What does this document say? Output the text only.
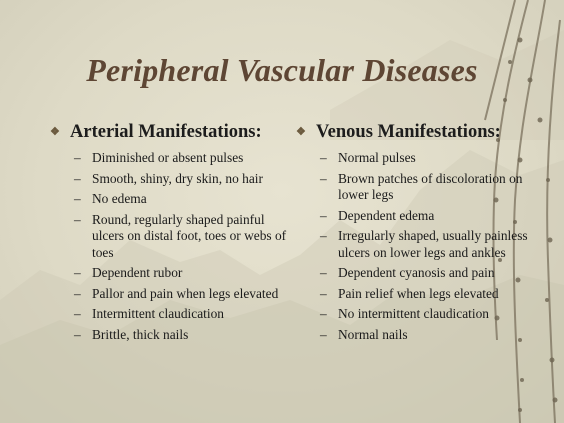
Peripheral Vascular Diseases
❖ Arterial Manifestations:
– Diminished or absent pulses
– Smooth, shiny, dry skin, no hair
– No edema
– Round, regularly shaped painful ulcers on distal foot, toes or webs of toes
– Dependent rubor
– Pallor and pain when legs elevated
– Intermittent claudication
– Brittle, thick nails
❖ Venous Manifestations:
– Normal pulses
– Brown patches of discoloration on lower legs
– Dependent edema
– Irregularly shaped, usually painless ulcers on lower legs and ankles
– Dependent cyanosis and pain
– Pain relief when legs elevated
– No intermittent claudication
– Normal nails
